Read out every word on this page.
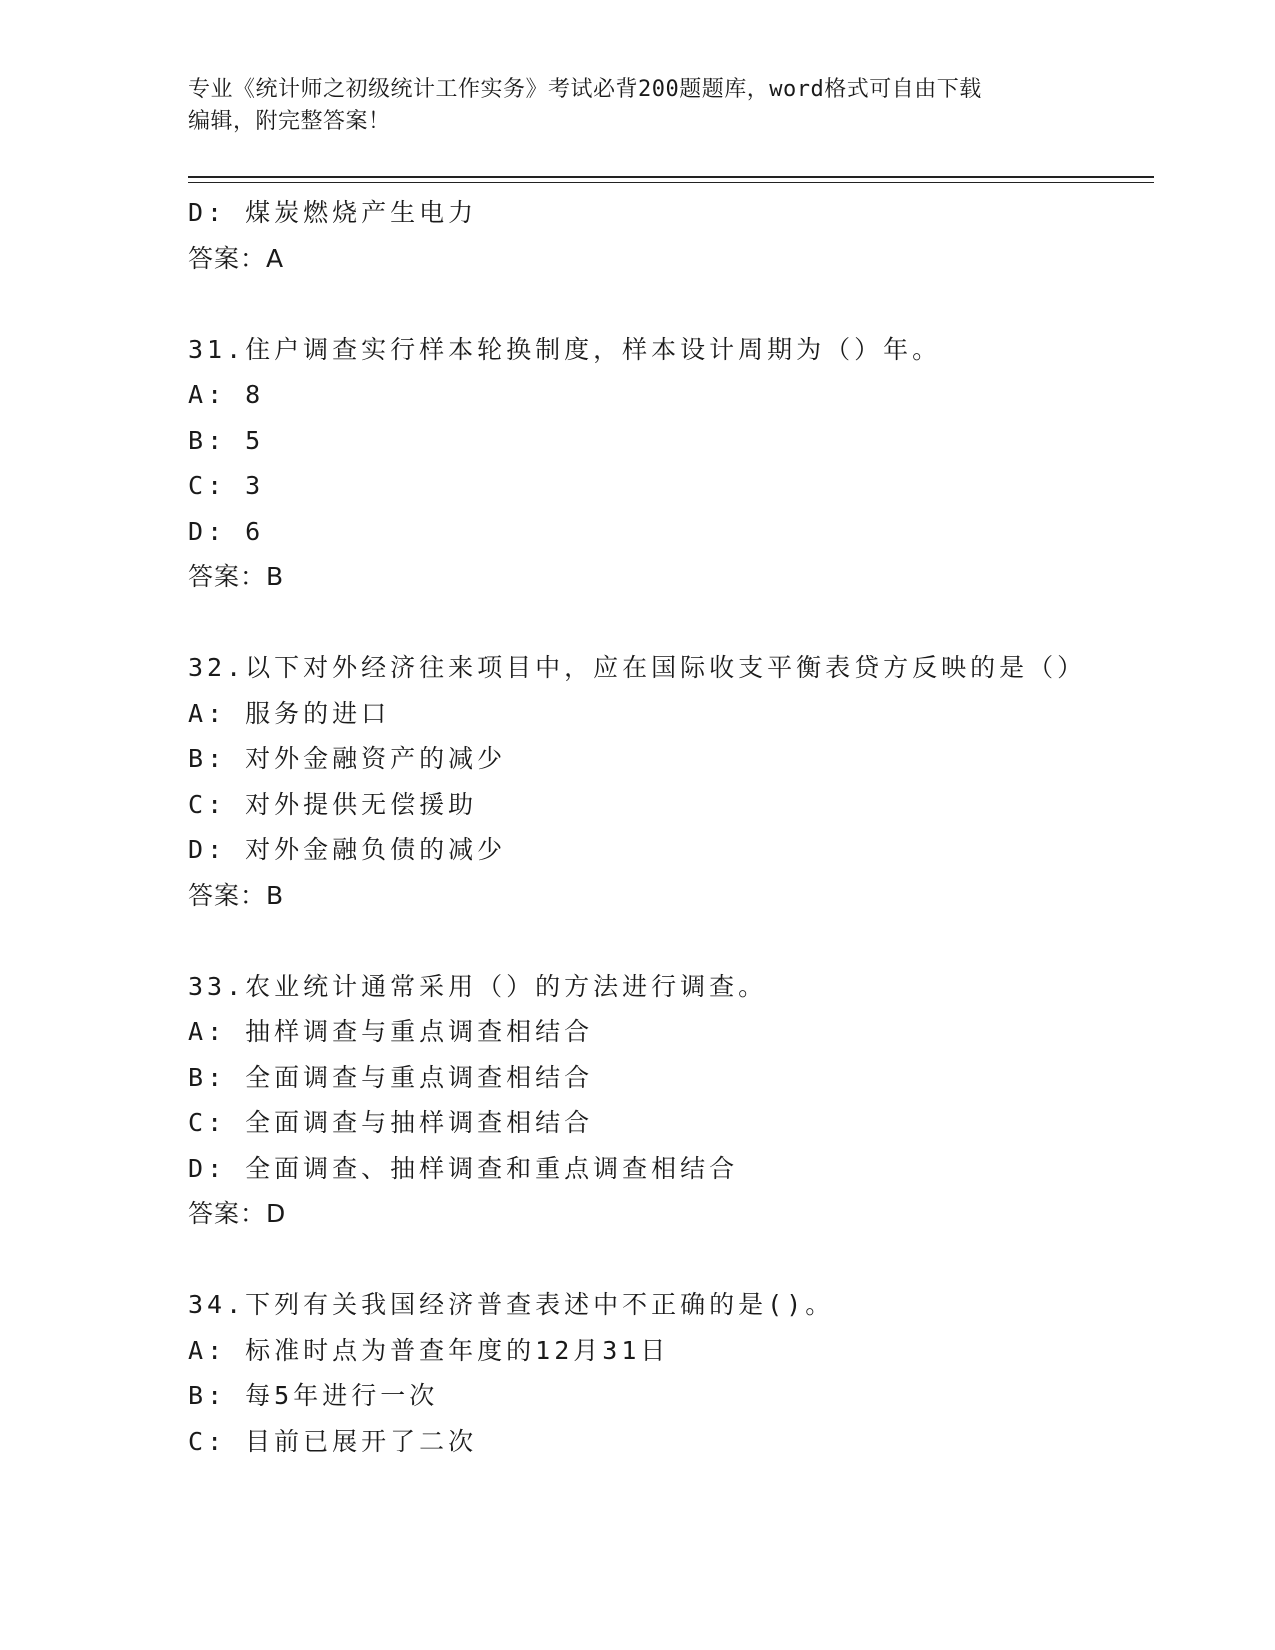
专业《统计师之初级统计工作实务》考试必背200题题库，word格式可自由下载
编辑，附完整答案！
D: 煤炭燃烧产生电力
答案：A
31 . 住户调查实行样本轮换制度，样本设计周期为（）年。
A : 8
B : 5
C : 3
D : 6
答案：B
32 . 以下对外经济往来项目中，应在国际收支平衡表贷方反映的是（）
A : 服务的进口
B : 对外金融资产的减少
C : 对外提供无偿援助
D : 对外金融负债的减少
答案：B
33 . 农业统计通常采用（）的方法进行调查。
A : 抽样调查与重点调查相结合
B : 全面调查与重点调查相结合
C : 全面调查与抽样调查相结合
D : 全面调查、抽样调查和重点调查相结合
答案：D
34 . 下列有关我国经济普查表述中不正确的是()。
A : 标准时点为普查年度的12月31日
B : 每5年进行一次
C : 目前已展开了二次
